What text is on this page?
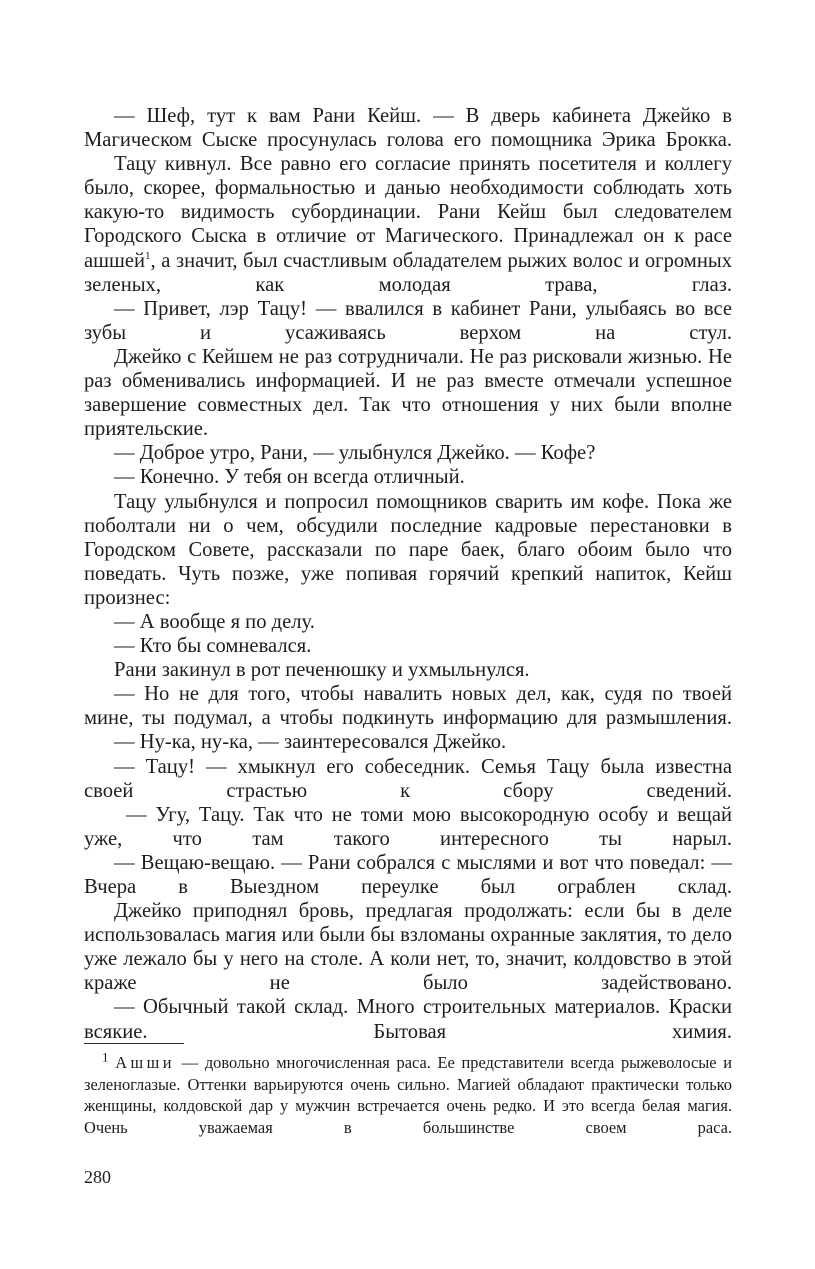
— Шеф, тут к вам Рани Кейш. — В дверь кабинета Джейко в Магическом Сыске просунулась голова его помощника Эрика Брокка.

Тацу кивнул. Все равно его согласие принять посетителя и коллегу было, скорее, формальностью и данью необходимости соблюдать хоть какую-то видимость субординации. Рани Кейш был следователем Городского Сыска в отличие от Магического. Принадлежал он к расе ашшей$^1$, а значит, был счастливым обладателем рыжих волос и огромных зеленых, как молодая трава, глаз.

— Привет, лэр Тацу! — ввалился в кабинет Рани, улыбаясь во все зубы и усаживаясь верхом на стул.

Джейко с Кейшем не раз сотрудничали. Не раз рисковали жизнью. Не раз обменивались информацией. И не раз вместе отмечали успешное завершение совместных дел. Так что отношения у них были вполне приятельские.

— Доброе утро, Рани, — улыбнулся Джейко. — Кофе?

— Конечно. У тебя он всегда отличный.

Тацу улыбнулся и попросил помощников сварить им кофе. Пока же поболтали ни о чем, обсудили последние кадровые перестановки в Городском Совете, рассказали по паре баек, благо обоим было что поведать. Чуть позже, уже попивая горячий крепкий напиток, Кейш произнес:

— А вообще я по делу.

— Кто бы сомневался.

Рани закинул в рот печенюшку и ухмыльнулся.

— Но не для того, чтобы навалить новых дел, как, судя по твоей мине, ты подумал, а чтобы подкинуть информацию для размышления.

— Ну-ка, ну-ка, — заинтересовался Джейко.

— Тацу! — хмыкнул его собеседник. Семья Тацу была известна своей страстью к сбору сведений.

— Угу, Тацу. Так что не томи мою высокородную особу и вещай уже, что там такого интересного ты нарыл.

— Вещаю-вещаю. — Рани собрался с мыслями и вот что поведал: — Вчера в Выездном переулке был ограблен склад.

Джейко приподнял бровь, предлагая продолжать: если бы в деле использовалась магия или были бы взломаны охранные заклятия, то дело уже лежало бы у него на столе. А коли нет, то, значит, колдовство в этой краже не было задействовано.

— Обычный такой склад. Много строительных материалов. Краски всякие. Бытовая химия.

$^1$ Ашши — довольно многочисленная раса. Ее представители всегда рыжеволосые и зеленоглазые. Оттенки варьируются очень сильно. Магией обладают практически только женщины, колдовской дар у мужчин встречается очень редко. И это всегда белая магия. Очень уважаемая в большинстве своем раса.

280
